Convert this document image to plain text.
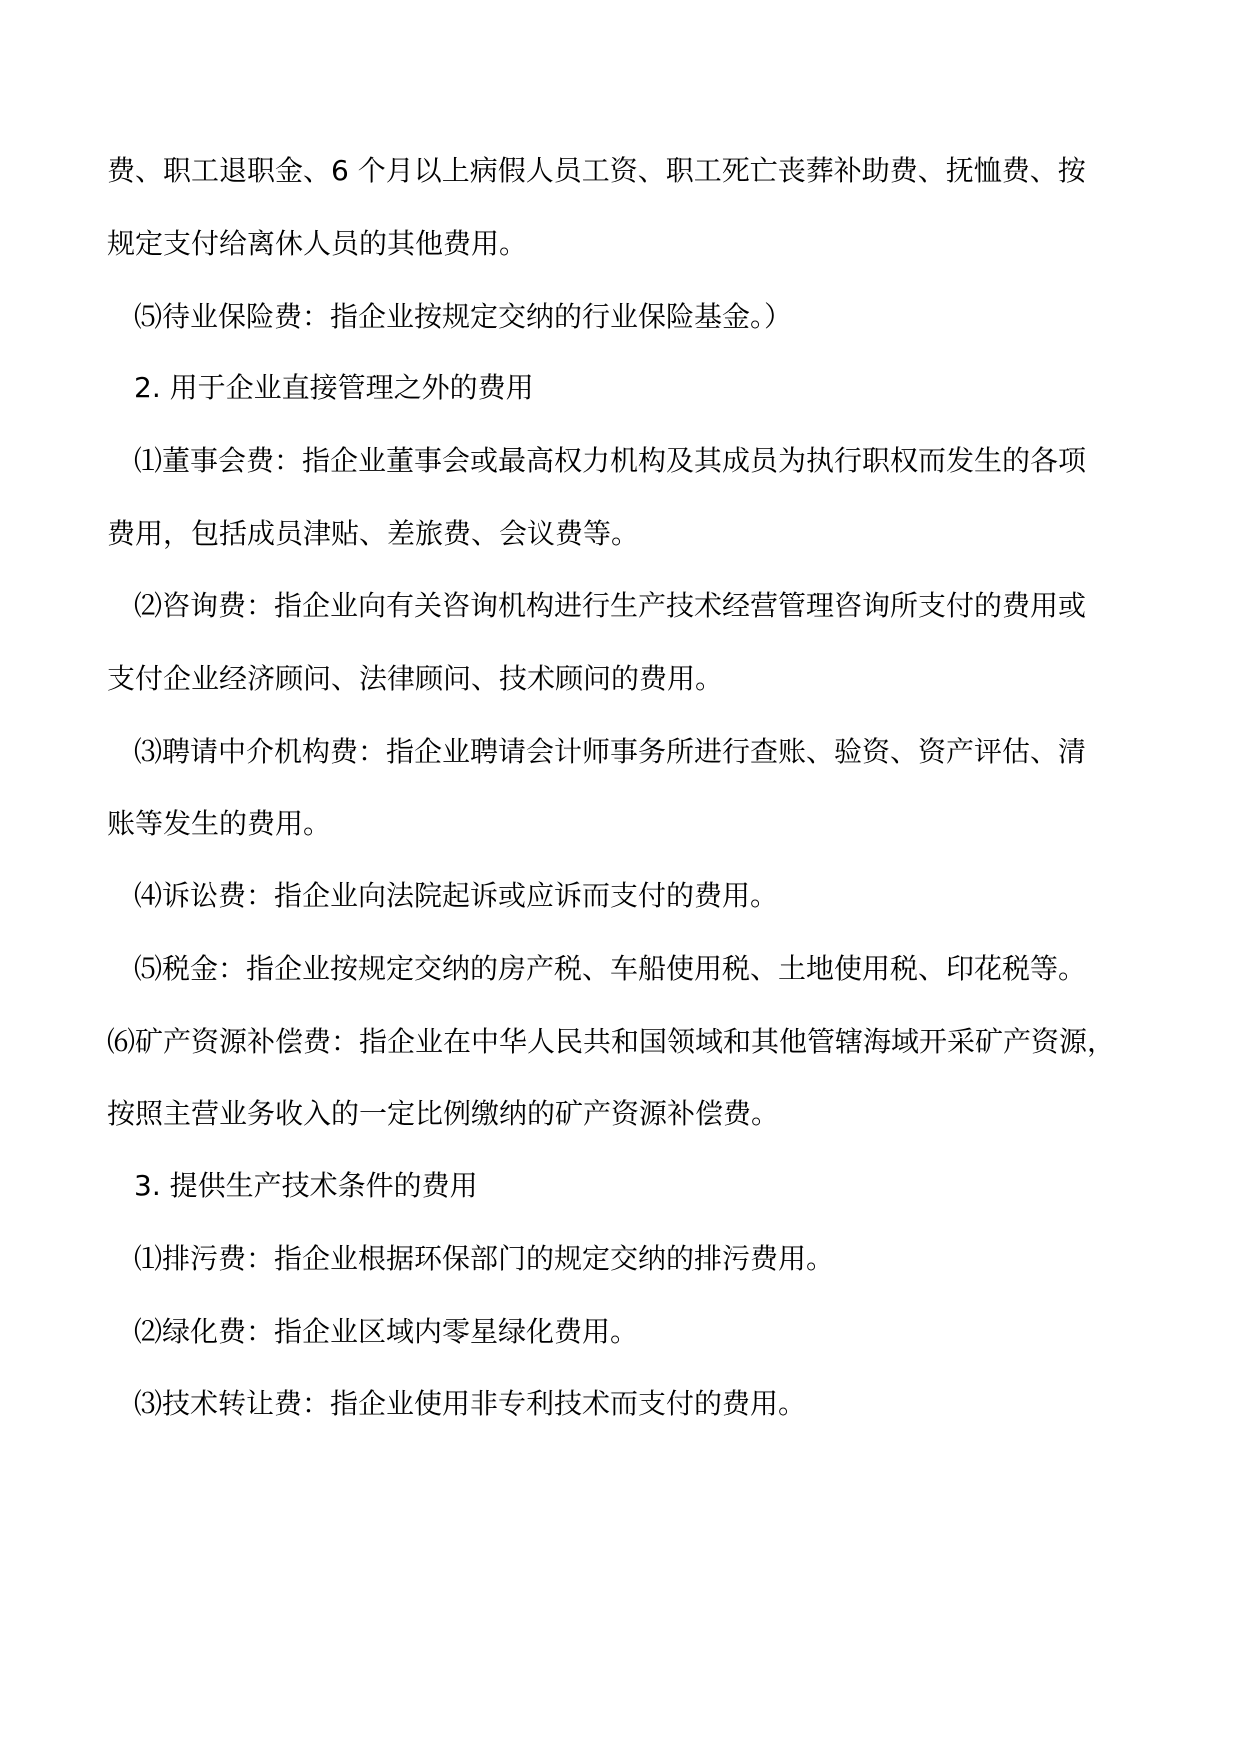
费、职工退职金、6 个月以上病假人员工资、职工死亡丧葬补助费、抚恤费、按
规定支付给离休人员的其他费用。
⑸待业保险费：指企业按规定交纳的行业保险基金。）
2. 用于企业直接管理之外的费用
⑴董事会费：指企业董事会或最高权力机构及其成员为执行职权而发生的各项
费用，包括成员津贴、差旅费、会议费等。
⑵咨询费：指企业向有关咨询机构进行生产技术经营管理咨询所支付的费用或
支付企业经济顾问、法律顾问、技术顾问的费用。
⑶聘请中介机构费：指企业聘请会计师事务所进行查账、验资、资产评估、清
账等发生的费用。
⑷诉讼费：指企业向法院起诉或应诉而支付的费用。
⑸税金：指企业按规定交纳的房产税、车船使用税、土地使用税、印花税等。
⑹矿产资源补偿费：指企业在中华人民共和国领域和其他管辖海域开采矿产资源，
按照主营业务收入的一定比例缴纳的矿产资源补偿费。
3. 提供生产技术条件的费用
⑴排污费：指企业根据环保部门的规定交纳的排污费用。
⑵绿化费：指企业区域内零星绿化费用。
⑶技术转让费：指企业使用非专利技术而支付的费用。
